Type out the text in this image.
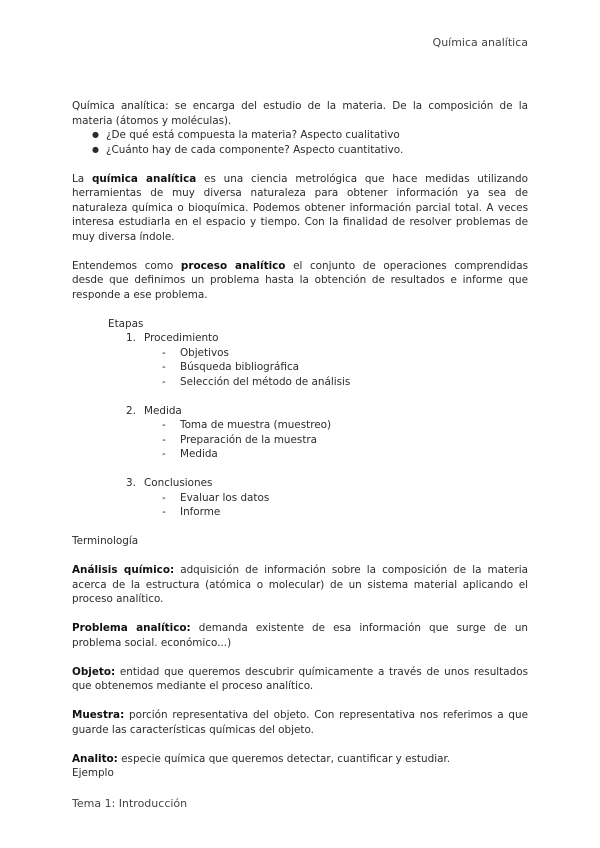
Química analítica

Química analítica: se encarga del estudio de la materia. De la composición de la materia (átomos y moléculas).

● ¿De qué está compuesta la materia? Aspecto cualitativo
● ¿Cuánto hay de cada componente? Aspecto cuantitativo.

La química analítica es una ciencia metrológica que hace medidas utilizando herramientas de muy diversa naturaleza para obtener información ya sea de naturaleza química o bioquímica. Podemos obtener información parcial total. A veces interesa estudiarla en el espacio y tiempo. Con la finalidad de resolver problemas de muy diversa índole.

Entendemos como proceso analítico el conjunto de operaciones comprendidas desde que definimos un problema hasta la obtención de resultados e informe que responde a ese problema.

Etapas
1. Procedimiento
- Objetivos
- Búsqueda bibliográfica
- Selección del método de análisis
2. Medida
- Toma de muestra (muestreo)
- Preparación de la muestra
- Medida
3. Conclusiones
- Evaluar los datos
- Informe

Terminología

Análisis químico: adquisición de información sobre la composición de la materia acerca de la estructura (atómica o molecular) de un sistema material aplicando el proceso analítico.

Problema analítico: demanda existente de esa información que surge de un problema social. económico...)

Objeto: entidad que queremos descubrir químicamente a través de unos resultados que obtenemos mediante el proceso analítico.

Muestra: porción representativa del objeto. Con representativa nos referimos a que guarde las características químicas del objeto.

Analito: especie química que queremos detectar, cuantificar y estudiar.

Ejemplo

Tema 1: Introducción
